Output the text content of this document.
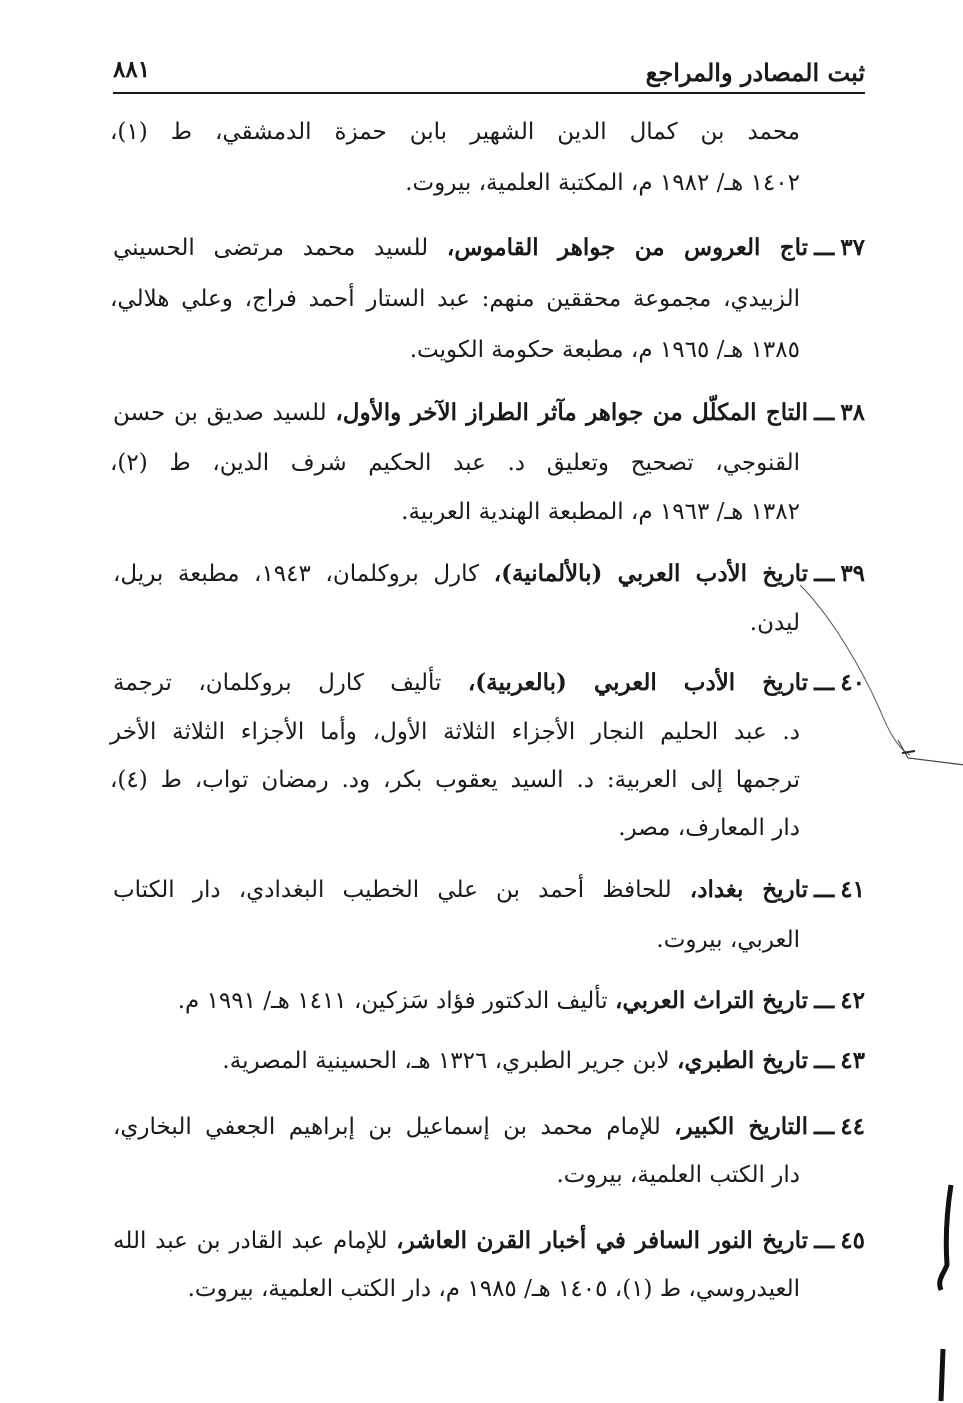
ثبت المصادر والمراجع
٨٨١
محمد بن كمال الدين الشهير بابن حمزة الدمشقي، ط (١)،
١٤٠٢ هـ/ ١٩٨٢ م، المكتبة العلمية، بيروت.
٣٧ـــتاج العروس من جواهر القاموس، للسيد محمد مرتضى الحسيني
الزبيدي، مجموعة محققين منهم: عبد الستار أحمد فراج، وعلي هلالي،
١٣٨٥ هـ/ ١٩٦٥ م، مطبعة حكومة الكويت.
٣٨ـــالتاج المكلّل من جواهر مآثر الطراز الآخر والأول، للسيد صديق بن حسن
القنوجي، تصحيح وتعليق د. عبد الحكيم شرف الدين، ط (٢)،
١٣٨٢ هـ/ ١٩٦٣ م، المطبعة الهندية العربية.
٣٩ـــتاريخ الأدب العربي (بالألمانية)، كارل بروكلمان، ١٩٤٣، مطبعة بريل،
ليدن.
٤٠ـــتاريخ الأدب العربي (بالعربية)، تأليف كارل بروكلمان، ترجمة
د. عبد الحليم النجار الأجزاء الثلاثة الأول، وأما الأجزاء الثلاثة الأخر
ترجمها إلى العربية: د. السيد يعقوب بكر، ود. رمضان تواب، ط (٤)،
دار المعارف، مصر.
٤١ـــتاريخ بغداد، للحافظ أحمد بن علي الخطيب البغدادي، دار الكتاب
العربي، بيروت.
٤٢ـــتاريخ التراث العربي، تأليف الدكتور فؤاد سَزكين، ١٤١١ هـ/ ١٩٩١ م.
٤٣ـــتاريخ الطبري، لابن جرير الطبري، ١٣٢٦ هـ، الحسينية المصرية.
٤٤ـــالتاريخ الكبير، للإمام محمد بن إسماعيل بن إبراهيم الجعفي البخاري،
دار الكتب العلمية، بيروت.
٤٥ـــتاريخ النور السافر في أخبار القرن العاشر، للإمام عبد القادر بن عبد الله
العيدروسي، ط (١)، ١٤٠٥ هـ/ ١٩٨٥ م، دار الكتب العلمية، بيروت.
